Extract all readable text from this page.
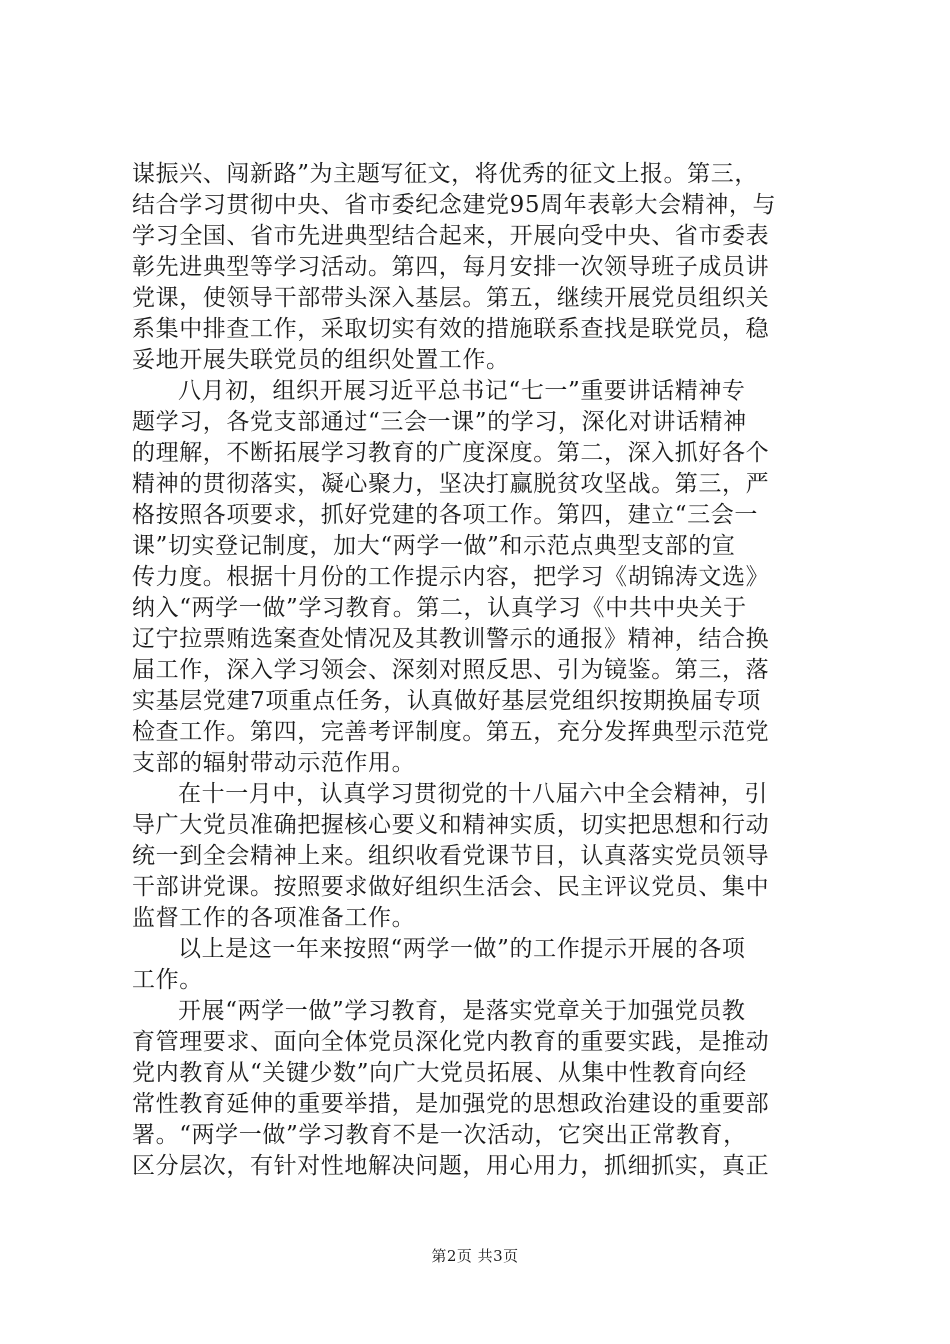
谋振兴、闯新路”为主题写征文，将优秀的征文上报。第三，
结合学习贯彻中央、省市委纪念建党95周年表彰大会精神，与
学习全国、省市先进典型结合起来，开展向受中央、省市委表
彰先进典型等学习活动。第四，每月安排一次领导班子成员讲
党课，使领导干部带头深入基层。第五，继续开展党员组织关
系集中排查工作，采取切实有效的措施联系查找是联党员，稳
妥地开展失联党员的组织处置工作。
八月初，组织开展习近平总书记“七一”重要讲话精神专
题学习，各党支部通过“三会一课”的学习，深化对讲话精神
的理解，不断拓展学习教育的广度深度。第二，深入抓好各个
精神的贯彻落实，凝心聚力，坚决打赢脱贫攻坚战。第三，严
格按照各项要求，抓好党建的各项工作。第四，建立“三会一
课”切实登记制度，加大“两学一做”和示范点典型支部的宣
传力度。根据十月份的工作提示内容，把学习《胡锦涛文选》
纳入“两学一做”学习教育。第二，认真学习《中共中央关于
辽宁拉票贿选案查处情况及其教训警示的通报》精神，结合换
届工作，深入学习领会、深刻对照反思、引为镜鉴。第三，落
实基层党建7项重点任务，认真做好基层党组织按期换届专项
检查工作。第四，完善考评制度。第五，充分发挥典型示范党
支部的辐射带动示范作用。
在十一月中，认真学习贯彻党的十八届六中全会精神，引
导广大党员准确把握核心要义和精神实质，切实把思想和行动
统一到全会精神上来。组织收看党课节目，认真落实党员领导
干部讲党课。按照要求做好组织生活会、民主评议党员、集中
监督工作的各项准备工作。
以上是这一年来按照“两学一做”的工作提示开展的各项
工作。
开展“两学一做”学习教育，是落实党章关于加强党员教
育管理要求、面向全体党员深化党内教育的重要实践，是推动
党内教育从“关键少数”向广大党员拓展、从集中性教育向经
常性教育延伸的重要举措，是加强党的思想政治建设的重要部
署。“两学一做”学习教育不是一次活动，它突出正常教育，
区分层次，有针对性地解决问题，用心用力，抓细抓实，真正
第2页 共3页
